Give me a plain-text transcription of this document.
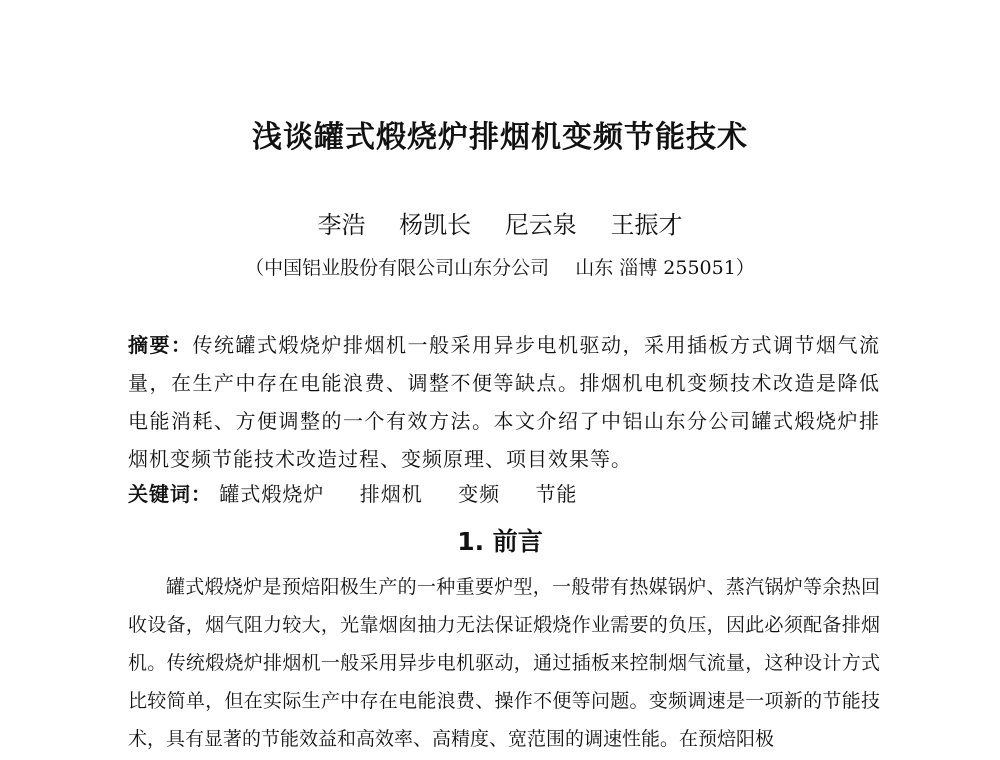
浅谈罐式煅烧炉排烟机变频节能技术
李浩 杨凯长 尼云泉 王振才
（中国铝业股份有限公司山东分公司 山东 淄博 255051）
摘要：传统罐式煅烧炉排烟机一般采用异步电机驱动，采用插板方式调节烟气流量，在生产中存在电能浪费、调整不便等缺点。排烟机电机变频技术改造是降低电能消耗、方便调整的一个有效方法。本文介绍了中铝山东分公司罐式煅烧炉排烟机变频节能技术改造过程、变频原理、项目效果等。
关键词： 罐式煅烧炉 排烟机 变频 节能
1. 前言
罐式煅烧炉是预焙阳极生产的一种重要炉型，一般带有热媒锅炉、蒸汽锅炉等余热回收设备，烟气阻力较大，光靠烟囱抽力无法保证煅烧作业需要的负压，因此必须配备排烟机。传统煅烧炉排烟机一般采用异步电机驱动，通过插板来控制烟气流量，这种设计方式比较简单，但在实际生产中存在电能浪费、操作不便等问题。变频调速是一项新的节能技术，具有显著的节能效益和高效率、高精度、宽范围的调速性能。在预焙阳极
